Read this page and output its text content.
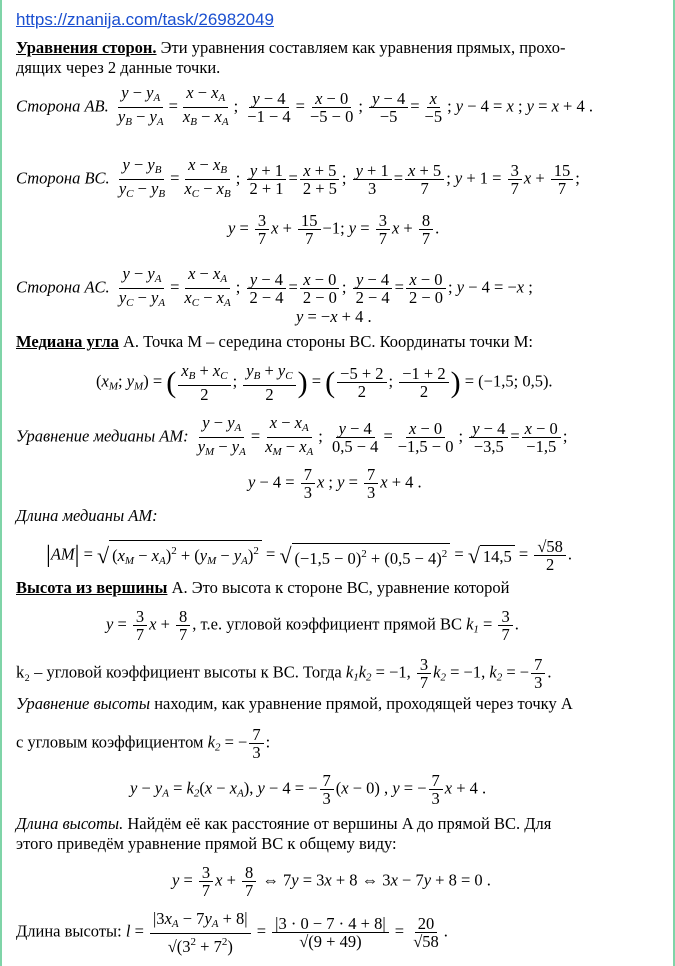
https://znanija.com/task/26982049
Уравнения сторон. Эти уравнения составляем как уравнения прямых, прохо-
дящих через 2 данные точки.
Сторона AB. $\frac{y - y_A}{y_B - y_A} = \frac{x - x_A}{x_B - x_A}$ ; $\frac{y - 4}{-1 - 4} = \frac{x - 0}{-5 - 0}$ ; $\frac{y - 4}{-5} = \frac{x}{-5}$ ; y − 4 = x ; y = x + 4 .
Сторона BC. $\frac{y - y_B}{y_C - y_B} = \frac{x - x_B}{x_C - x_B}$ ; $\frac{y + 1}{2 + 1} = \frac{x + 5}{2 + 5}$ ; $\frac{y + 1}{3} = \frac{x + 5}{7}$ ; $y + 1 = \frac{3}{7}$ $x + \frac{15}{7}$ ;
$y = \frac{3}{7}$ $x + \frac{15}{7} -1$; $y = \frac{3}{7}$ $x + \frac{8}{7}$ .
Сторона AC. $\frac{y - y_A}{y_C - y_A} = \frac{x - x_A}{x_C - x_A}$ ; $\frac{y - 4}{2 - 4} = \frac{x - 0}{2 - 0}$ ; $\frac{y - 4}{2 - 4} = \frac{x - 0}{2 - 0}$ ; y − 4 = −x ;
y = −x + 4 .
Медиана угла A. Точка M – середина стороны BC. Координаты точки M:
($x_M$; $y_M$) = ( $\frac{x_B + x_C}{2}$ ; $\frac{y_B + y_C}{2}$ ) = ( $\frac{-5 + 2}{2}$ ; $\frac{-1 + 2}{2}$ ) = (−1,5; 0,5).
Уравнение медианы AM: $\frac{y - y_A}{y_M - y_A} = \frac{x - x_A}{x_M - x_A}$ ; $\frac{y - 4}{0,5 - 4} = \frac{x - 0}{-1,5 - 0}$ ; $\frac{y - 4}{-3,5} = \frac{x - 0}{-1,5}$ ;
$y - 4 = \frac{7}{3}$ x ; $y = \frac{7}{3}$ x + 4 .
Длина медианы AM:
|AM| = √ $(x_M - x_A)^2 + (y_M - y_A)^2$ = √ $(-1,5 - 0)^2 + (0,5 - 4)^2$ = √ $14,5 = \frac{√58}{2}$ .
Высота из вершины A. Это высота к стороне BC, уравнение которой
$y = \frac{3}{7}$ $x + \frac{8}{7}$ , т.е. угловой коэффициент прямой BC $k_1 = \frac{3}{7}$ .
k₂ – угловой коэффициент высоты к BC. Тогда $k_1k_2 = -1$, $\frac{3}{7} k_2 = -1$, $k_2$ = − $\frac{7}{3}$ .
Уравнение высоты находим, как уравнение прямой, проходящей через точку A
с угловым коэффициентом $k_2$ = − $\frac{7}{3}$ :
$y - y_A = k_2(x - x_A)$, y − 4 = − $\frac{7}{3} (x - 0)$ , y = − $\frac{7}{3}$ x + 4 .
Длина высоты. Найдём её как расстояние от вершины A до прямой BC. Для
этого приведём уравнение прямой BC к общему виду:
$y = \frac{3}{7}$ $x + \frac{8}{7}$ ⇔ 7y = 3x + 8 ⇔ 3x − 7y + 8 = 0 .
Длина высоты: $l = \frac{|3x_A - 7y_A + 8|}{√(3^2 + 7^2)} = \frac{|3 \cdot 0 - 7 \cdot 4 + 8|}{√(9 + 49)} = \frac{20}{√58}$ .
